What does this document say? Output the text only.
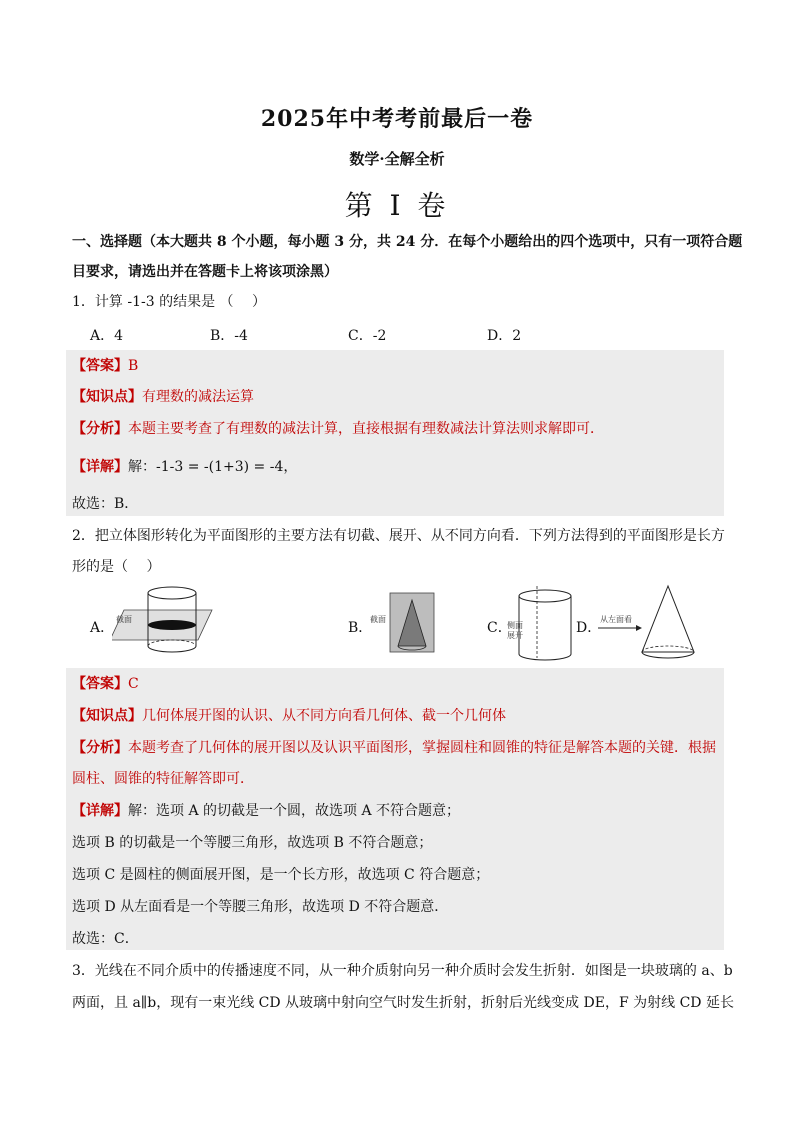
2025年中考考前最后一卷
数学·全解全析
第 I 卷
一、选择题（本大题共 8 个小题，每小题 3 分，共 24 分．在每个小题给出的四个选项中，只有一项符合题
目要求，请选出并在答题卡上将该项涂黑）
1．计算 -1-3 的结果是 （　 ）
A．4	B．-4	C．-2	D．2
【答案】B
【知识点】有理数的减法运算
【分析】本题主要考查了有理数的减法计算，直接根据有理数减法计算法则求解即可．
【详解】解：-1-3 = -(1+3) = -4，
故选：B．
2．把立体图形转化为平面图形的主要方法有切截、展开、从不同方向看．下列方法得到的平面图形是长方
形的是（　 ）
A．
截面
B．
截面
C．
侧面
展开	D．
从左面看
【答案】C
【知识点】几何体展开图的认识、从不同方向看几何体、截一个几何体
【分析】本题考查了几何体的展开图以及认识平面图形，掌握圆柱和圆锥的特征是解答本题的关键．根据
圆柱、圆锥的特征解答即可．
【详解】解：选项 A 的切截是一个圆，故选项 A 不符合题意；
选项 B 的切截是一个等腰三角形，故选项 B 不符合题意；
选项 C 是圆柱的侧面展开图，是一个长方形，故选项 C 符合题意；
选项 D 从左面看是一个等腰三角形，故选项 D 不符合题意．
故选：C．
3．光线在不同介质中的传播速度不同，从一种介质射向另一种介质时会发生折射．如图是一块玻璃的 a、b
两面，且 a∥b，现有一束光线 CD 从玻璃中射向空气时发生折射，折射后光线变成 DE，F 为射线 CD 延长
